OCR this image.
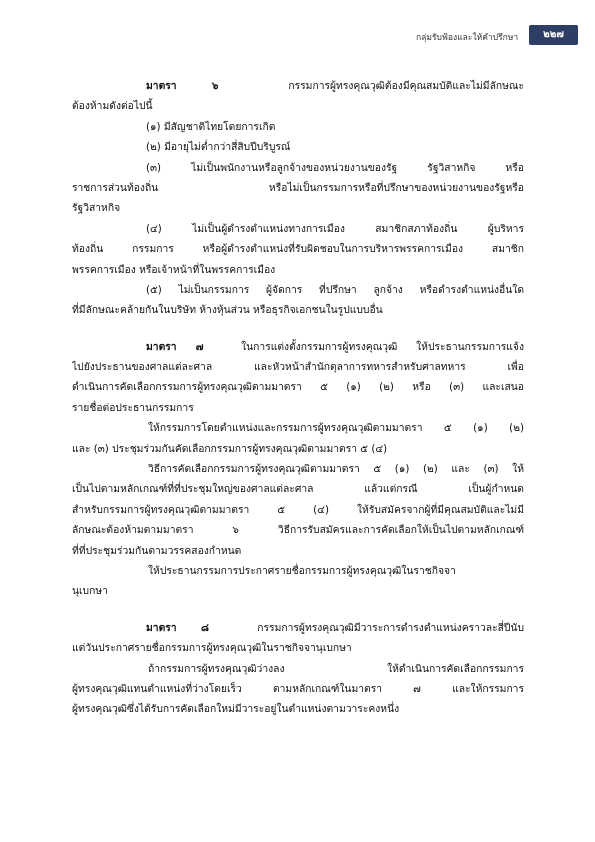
กลุ่มรับฟ้องและให้คำปรึกษา	๒๒๗
มาตรา ๖	กรรมการผู้ทรงคุณวุฒิต้องมีคุณสมบัติและไม่มีลักษณะ
ต้องห้ามดังต่อไปนี้
(๑) มีสัญชาติไทยโดยการเกิด
(๒) มีอายุไม่ต่ำกว่าสี่สิบปีบริบูรณ์
(๓) ไม่เป็นพนักงานหรือลูกจ้างของหน่วยงานของรัฐ รัฐวิสาหกิจ หรือ
ราชการส่วนท้องถิ่น หรือไม่เป็นกรรมการหรือที่ปรึกษาของหน่วยงานของรัฐหรือ
รัฐวิสาหกิจ
(๔) ไม่เป็นผู้ดำรงตำแหน่งทางการเมือง สมาชิกสภาท้องถิ่น ผู้บริหาร
ท้องถิ่น กรรมการ หรือผู้ดำรงตำแหน่งที่รับผิดชอบในการบริหารพรรคการเมือง สมาชิก
พรรคการเมือง หรือเจ้าหน้าที่ในพรรคการเมือง
(๕) ไม่เป็นกรรมการ ผู้จัดการ ที่ปรึกษา ลูกจ้าง หรือดำรงตำแหน่งอื่นใด
ที่มีลักษณะคล้ายกันในบริษัท ห้างหุ้นส่วน หรือธุรกิจเอกชนในรูปแบบอื่น
มาตรา ๗	ในการแต่งตั้งกรรมการผู้ทรงคุณวุฒิ ให้ประธานกรรมการแจ้ง
ไปยังประธานของศาลแต่ละศาล และหัวหน้าสำนักตุลาการทหารสำหรับศาลทหาร เพื่อ
ดำเนินการคัดเลือกกรรมการผู้ทรงคุณวุฒิตามมาตรา ๕ (๑) (๒) หรือ (๓) และเสนอ
รายชื่อต่อประธานกรรมการ
ให้กรรมการโดยตำแหน่งและกรรมการผู้ทรงคุณวุฒิตามมาตรา ๕ (๑) (๒)
และ (๓) ประชุมร่วมกันคัดเลือกกรรมการผู้ทรงคุณวุฒิตามมาตรา ๕ (๔)
วิธีการคัดเลือกกรรมการผู้ทรงคุณวุฒิตามมาตรา ๕ (๑) (๒) และ (๓) ให้
เป็นไปตามหลักเกณฑ์ที่ที่ประชุมใหญ่ของศาลแต่ละศาล แล้วแต่กรณี เป็นผู้กำหนด
สำหรับกรรมการผู้ทรงคุณวุฒิตามมาตรา ๕ (๔) ให้รับสมัครจากผู้ที่มีคุณสมบัติและไม่มี
ลักษณะต้องห้ามตามมาตรา ๖ วิธีการรับสมัครและการคัดเลือกให้เป็นไปตามหลักเกณฑ์
ที่ที่ประชุมร่วมกันตามวรรคสองกำหนด
ให้ประธานกรรมการประกาศรายชื่อกรรมการผู้ทรงคุณวุฒิในราชกิจจา
นุเบกษา
มาตรา ๘	กรรมการผู้ทรงคุณวุฒิมีวาระการดำรงตำแหน่งคราวละสี่ปีนับ
แต่วันประกาศรายชื่อกรรมการผู้ทรงคุณวุฒิในราชกิจจานุเบกษา
ถ้ากรรมการผู้ทรงคุณวุฒิว่างลง ให้ดำเนินการคัดเลือกกรรมการ
ผู้ทรงคุณวุฒิแทนตำแหน่งที่ว่างโดยเร็ว ตามหลักเกณฑ์ในมาตรา ๗ และให้กรรมการ
ผู้ทรงคุณวุฒิซึ่งได้รับการคัดเลือกใหม่มีวาระอยู่ในตำแหน่งตามวาระคงหนึ่ง
